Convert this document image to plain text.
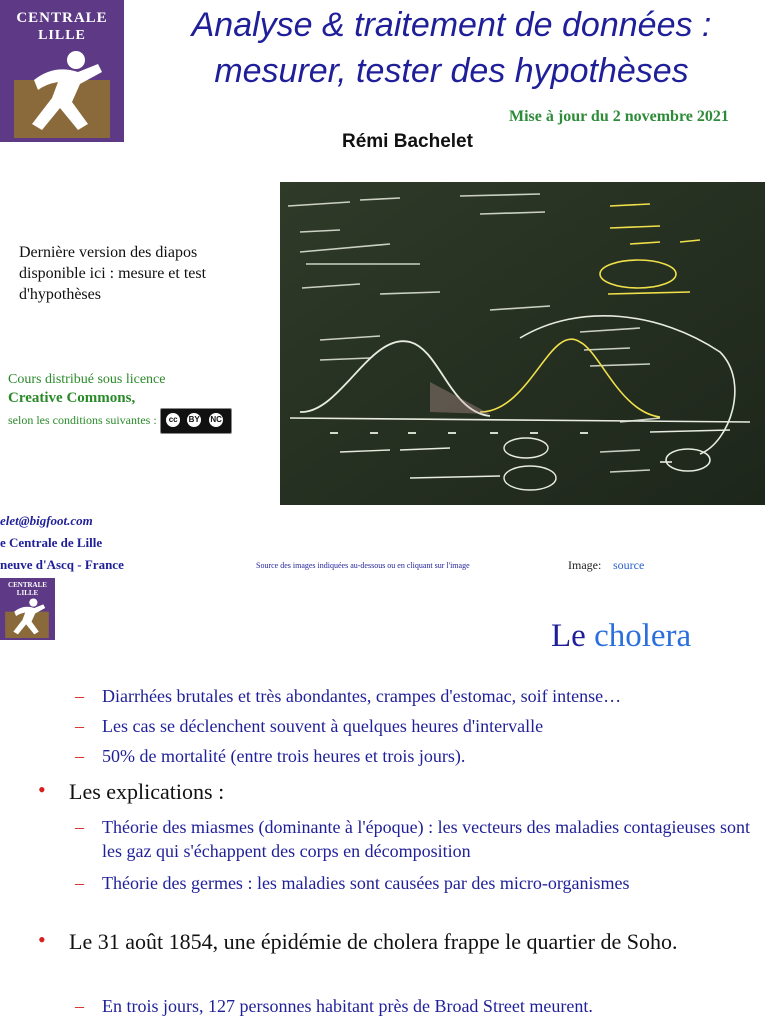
CENTRALE
LILLE	Analyse & traitement de données :
mesurer, tester des hypothèses
Mise à jour du 2 novembre 2021
Rémi Bachelet
Dernière version des diapos disponible ici : mesure et test d'hypothèses
Cours distribué sous licence
Creative Commons,
selon les conditions suivantes :	cc	BY	NC
elet@bigfoot.com
e Centrale de Lille
neuve d'Ascq - France	Source des images indiquées au-dessous ou en cliquant sur l'image	Image: source
CENTRALE
LILLE
Le cholera
– Diarrhées brutales et très abondantes, crampes d'estomac, soif intense…
– Les cas se déclenchent souvent à quelques heures d'intervalle
– 50% de mortalité (entre trois heures et trois jours).
• Les explications :
– Théorie des miasmes (dominante à l'époque) : les vecteurs des maladies contagieuses sont les gaz qui s'échappent des corps en décomposition
– Théorie des germes : les maladies sont causées par des micro-organismes
• Le 31 août 1854, une épidémie de cholera frappe le quartier de Soho.
– En trois jours, 127 personnes habitant près de Broad Street meurent.
